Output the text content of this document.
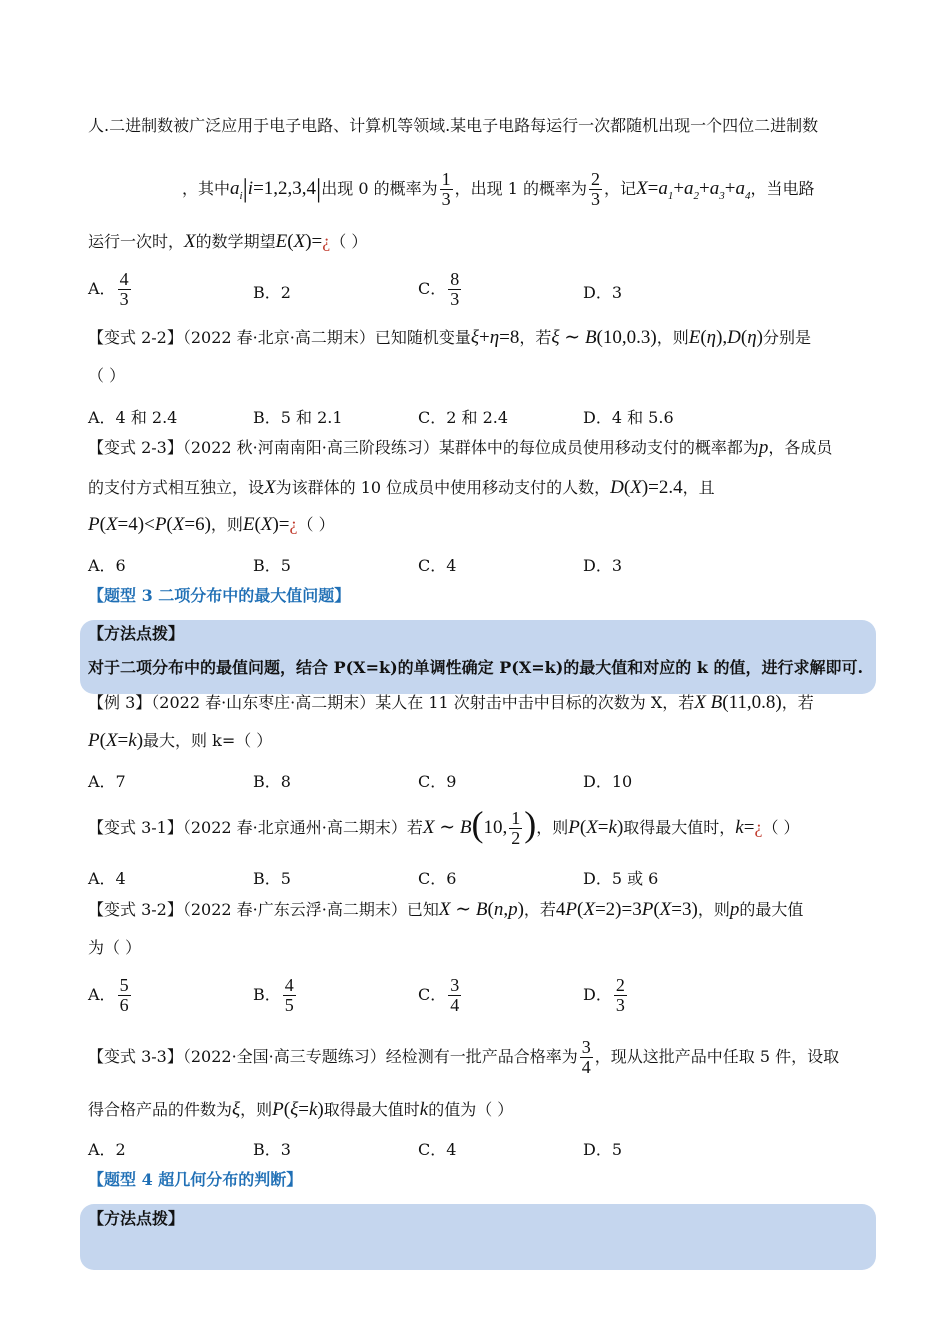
人.二进制数被广泛应用于电子电路、计算机等领域.某电子电路每运行一次都随机出现一个四位二进制数
，其中$a_i|i=1,2,3,4|$出现 0 的概率为 $\frac{1}{3}$ ，出现 1 的概率为 $\frac{2}{3}$ ，记$X=a_1+a_2+a_3+a_4$，当电路
运行一次时，X的数学期望E(X)=¿（ ）
A． $\frac{4}{3}$	B．2	C． $\frac{8}{3}$	D．3
【变式 2-2】（2022 春·北京·高二期末）已知随机变量ξ+η=8，若ξ ∼ B(10,0.3)，则E(η),D(η)分别是
（ ）
A．4 和 2.4	B．5 和 2.1	C．2 和 2.4	D．4 和 5.6
【变式 2-3】（2022 秋·河南南阳·高三阶段练习）某群体中的每位成员使用移动支付的概率都为p，各成员
的支付方式相互独立，设X为该群体的 10 位成员中使用移动支付的人数，D(X)=2.4，且
P(X=4)<P(X=6)，则E(X)=¿（ ）
A．6	B．5	C．4	D．3
【题型 3 二项分布中的最大值问题】
【方法点拨】
对于二项分布中的最值问题，结合 P(X=k)的单调性确定 P(X=k)的最大值和对应的 k 的值，进行求解即可.
【例 3】（2022 春·山东枣庄·高二期末）某人在 11 次射击中击中目标的次数为 X，若X B(11,0.8)，若
P(X=k)最大，则 k=（ ）
A．7	B．8	C．9	D．10
【变式 3-1】（2022 春·北京通州·高二期末）若X ∼ B(10, $\frac{1}{2}$ )，则P(X=k)取得最大值时，k=¿（ ）
A．4	B．5	C．6	D．5 或 6
【变式 3-2】（2022 春·广东云浮·高二期末）已知X ∼ B(n,p)，若4P(X=2)=3P(X=3)，则p的最大值
为（ ）
A． $\frac{5}{6}$	B． $\frac{4}{5}$	C． $\frac{3}{4}$	D． $\frac{2}{3}$
【变式 3-3】（2022·全国·高三专题练习）经检测有一批产品合格率为 $\frac{3}{4}$ ，现从这批产品中任取 5 件，设取
得合格产品的件数为ξ，则P(ξ=k)取得最大值时k的值为（ ）
A．2	B．3	C．4	D．5
【题型 4 超几何分布的判断】
【方法点拨】
